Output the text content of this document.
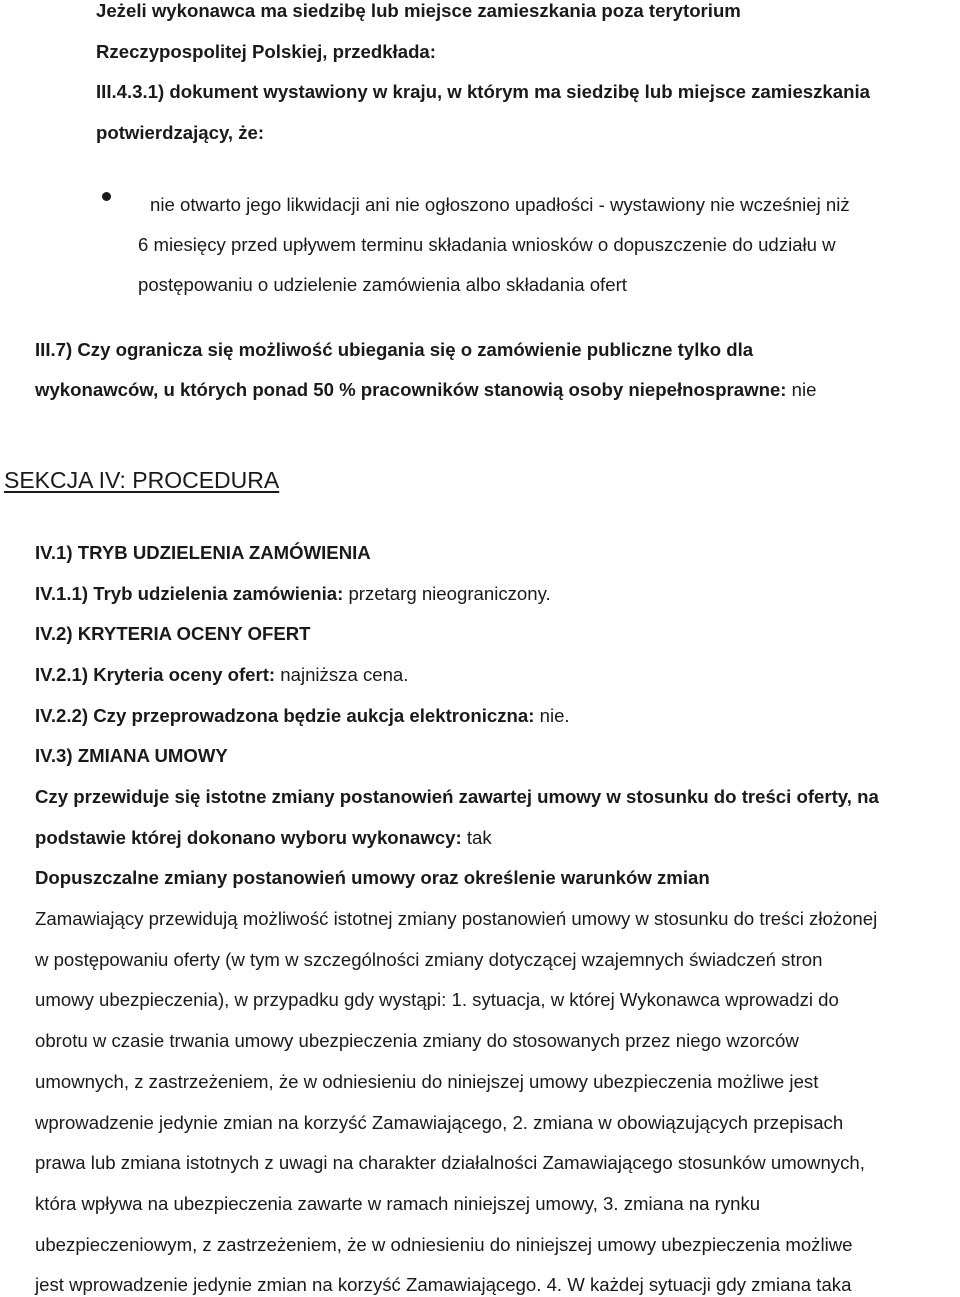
Jeżeli wykonawca ma siedzibę lub miejsce zamieszkania poza terytorium
Rzeczypospolitej Polskiej, przedkłada:
III.4.3.1) dokument wystawiony w kraju, w którym ma siedzibę lub miejsce zamieszkania
potwierdzający, że:
nie otwarto jego likwidacji ani nie ogłoszono upadłości - wystawiony nie wcześniej niż
6 miesięcy przed upływem terminu składania wniosków o dopuszczenie do udziału w
postępowaniu o udzielenie zamówienia albo składania ofert
III.7) Czy ogranicza się możliwość ubiegania się o zamówienie publiczne tylko dla
wykonawców, u których ponad 50 % pracowników stanowią osoby niepełnosprawne: nie
SEKCJA IV: PROCEDURA
IV.1) TRYB UDZIELENIA ZAMÓWIENIA
IV.1.1) Tryb udzielenia zamówienia: przetarg nieograniczony.
IV.2) KRYTERIA OCENY OFERT
IV.2.1) Kryteria oceny ofert: najniższa cena.
IV.2.2) Czy przeprowadzona będzie aukcja elektroniczna: nie.
IV.3) ZMIANA UMOWY
Czy przewiduje się istotne zmiany postanowień zawartej umowy w stosunku do treści oferty, na
podstawie której dokonano wyboru wykonawcy: tak
Dopuszczalne zmiany postanowień umowy oraz określenie warunków zmian
Zamawiający przewidują możliwość istotnej zmiany postanowień umowy w stosunku do treści złożonej
w postępowaniu oferty (w tym w szczególności zmiany dotyczącej wzajemnych świadczeń stron
umowy ubezpieczenia), w przypadku gdy wystąpi: 1. sytuacja, w której Wykonawca wprowadzi do
obrotu w czasie trwania umowy ubezpieczenia zmiany do stosowanych przez niego wzorców
umownych, z zastrzeżeniem, że w odniesieniu do niniejszej umowy ubezpieczenia możliwe jest
wprowadzenie jedynie zmian na korzyść Zamawiającego, 2. zmiana w obowiązujących przepisach
prawa lub zmiana istotnych z uwagi na charakter działalności Zamawiającego stosunków umownych,
która wpływa na ubezpieczenia zawarte w ramach niniejszej umowy, 3. zmiana na rynku
ubezpieczeniowym, z zastrzeżeniem, że w odniesieniu do niniejszej umowy ubezpieczenia możliwe
jest wprowadzenie jedynie zmian na korzyść Zamawiającego. 4. W każdej sytuacji gdy zmiana taka
